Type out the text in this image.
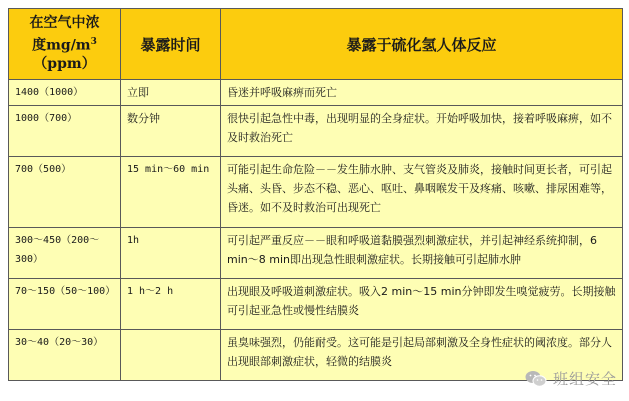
在空气中浓
度$mg/m^3$
（ppm）	暴露时间	暴露于硫化氢人体反应
1400（1000）	立即	昏迷并呼吸麻痹而死亡
1000（700）	数分钟	很快引起急性中毒，出现明显的全身症状。开始呼吸加快，接着呼吸麻痹，如不及时救治死亡
700（500）	15 min～60 min	可能引起生命危险－－发生肺水肿、支气管炎及肺炎，接触时间更长者，可引起头痛、头昏、步态不稳、恶心、呕吐、鼻咽喉发干及疼痛、咳嗽、排尿困难等，昏迷。如不及时救治可出现死亡
300～450（200～300）	1h	可引起严重反应－－眼和呼吸道黏膜强烈刺激症状，并引起神经系统抑制，6 min～8 min即出现急性眼刺激症状。长期接触可引起肺水肿
70～150（50～100）	1 h～2 h	出现眼及呼吸道刺激症状。吸入2 min～15 min分钟即发生嗅觉疲劳。长期接触可引起亚急性或慢性结膜炎
30～40（20～30）		虽臭味强烈，仍能耐受。这可能是引起局部刺激及全身性症状的阈浓度。部分人出现眼部刺激症状，轻微的结膜炎
班组安全
